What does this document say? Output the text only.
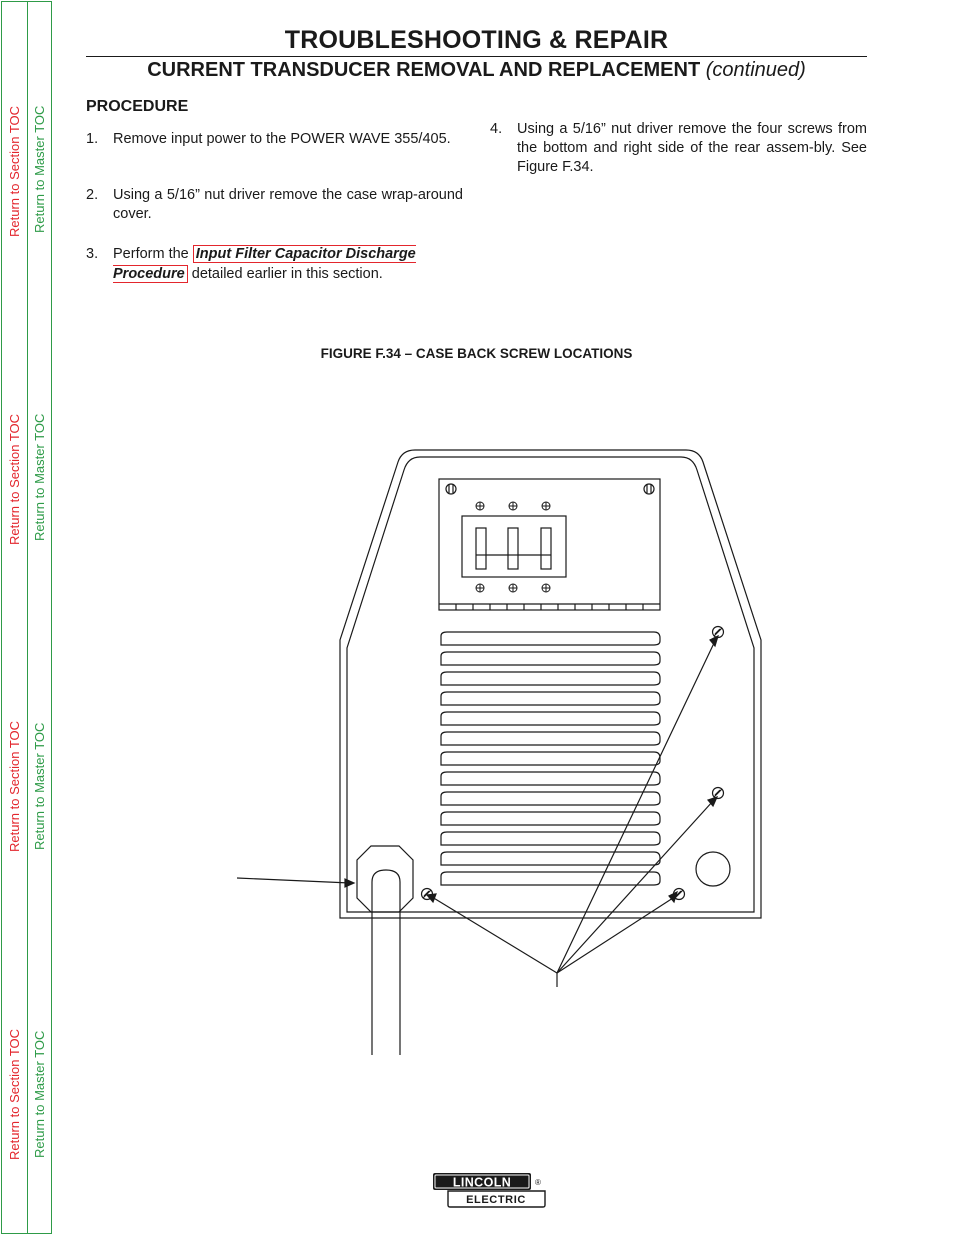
Return to Section TOC Return to Master TOC
Return to Section TOC Return to Master TOC
Return to Section TOC Return to Master TOC
Return to Section TOC Return to Master TOC
TROUBLESHOOTING & REPAIR
CURRENT TRANSDUCER REMOVAL AND REPLACEMENT (continued)
PROCEDURE
1. Remove input power to the POWER WAVE 355/405.
2. Using a 5/16” nut driver remove the case wrap-around cover.
3. Perform the Input Filter Capacitor Discharge Procedure detailed earlier in this section.
4. Using a 5/16” nut driver remove the four screws from the bottom and right side of the rear assem-bly. See Figure F.34.
FIGURE F.34 – CASE BACK SCREW LOCATIONS
LINCOLN
ELECTRIC
®
